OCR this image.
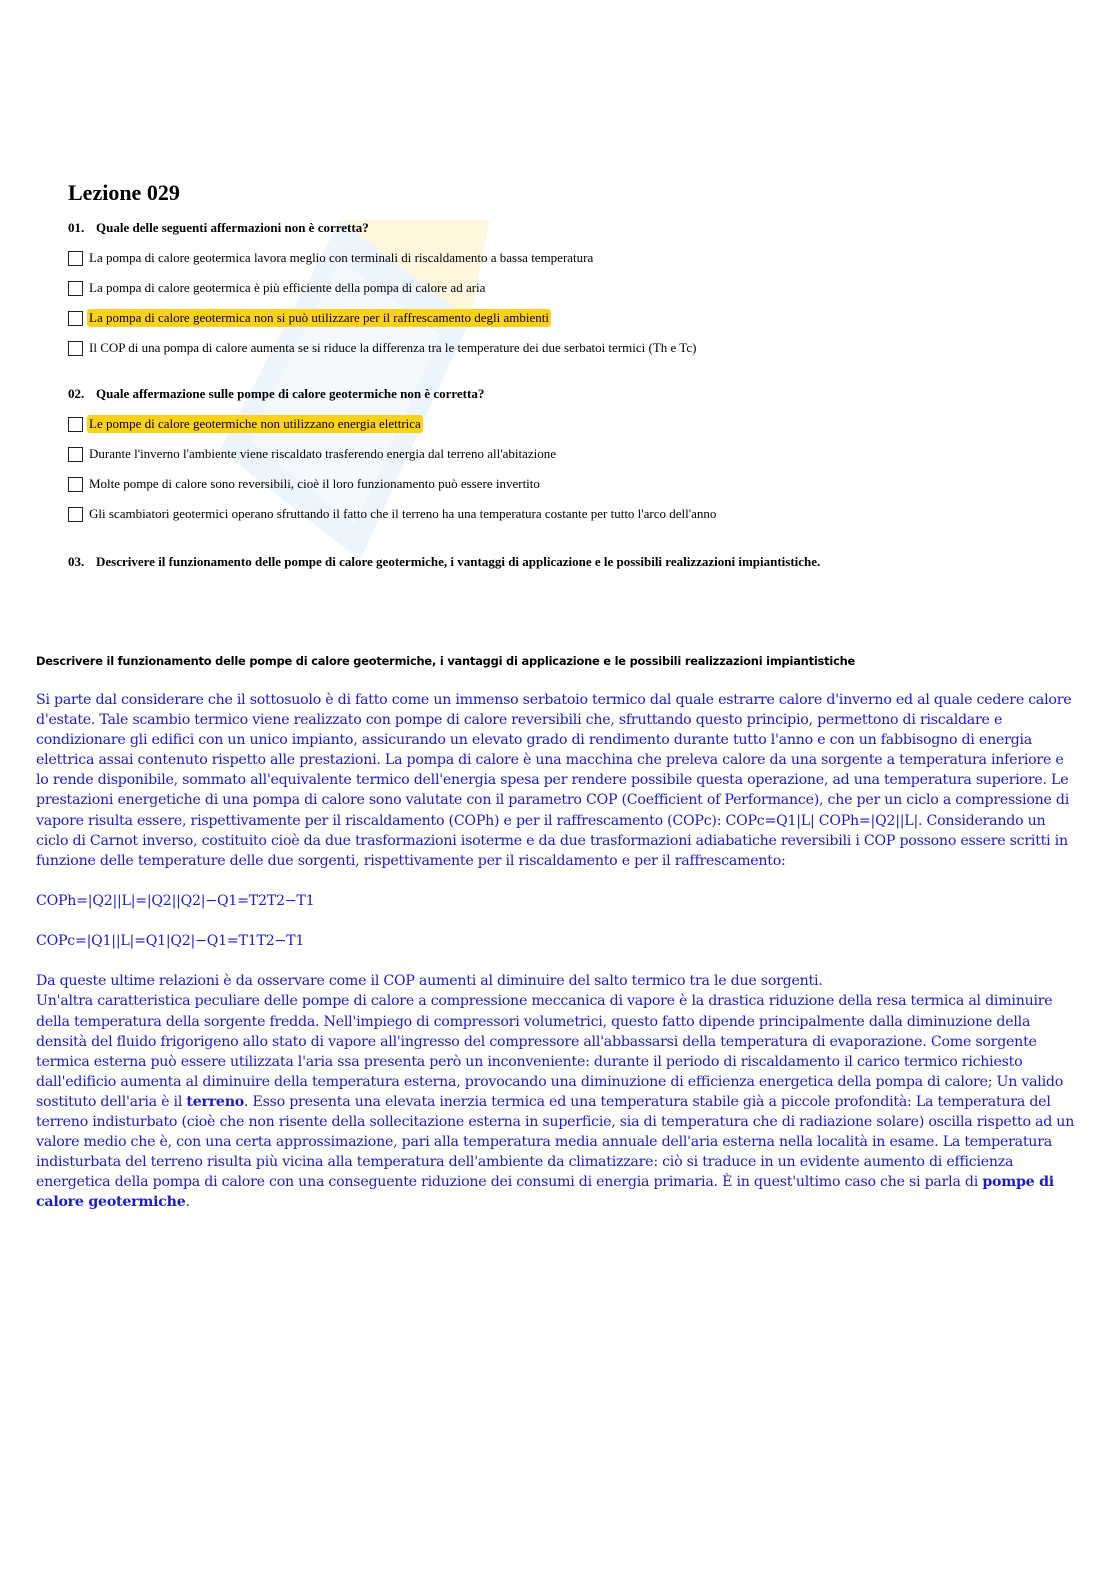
Lezione 029

01. Quale delle seguenti affermazioni non è corretta?

La pompa di calore geotermica lavora meglio con terminali di riscaldamento a bassa temperatura
La pompa di calore geotermica è più efficiente della pompa di calore ad aria
La pompa di calore geotermica non si può utilizzare per il raffrescamento degli ambienti
Il COP di una pompa di calore aumenta se si riduce la differenza tra le temperature dei due serbatoi termici (Th e Tc)

02. Quale affermazione sulle pompe di calore geotermiche non è corretta?

Le pompe di calore geotermiche non utilizzano energia elettrica
Durante l'inverno l'ambiente viene riscaldato trasferendo energia dal terreno all'abitazione
Molte pompe di calore sono reversibili, cioè il loro funzionamento può essere invertito
Gli scambiatori geotermici operano sfruttando il fatto che il terreno ha una temperatura costante per tutto l'arco dell'anno

03. Descrivere il funzionamento delle pompe di calore geotermiche, i vantaggi di applicazione e le possibili realizzazioni impiantistiche.

Descrivere il funzionamento delle pompe di calore geotermiche, i vantaggi di applicazione e le possibili realizzazioni impiantistiche

Si parte dal considerare che il sottosuolo è di fatto come un immenso serbatoio termico dal quale estrarre calore d'inverno ed al quale cedere calore d'estate. Tale scambio termico viene realizzato con pompe di calore reversibili che, sfruttando questo principio, permettono di riscaldare e condizionare gli edifici con un unico impianto, assicurando un elevato grado di rendimento durante tutto l'anno e con un fabbisogno di energia elettrica assai contenuto rispetto alle prestazioni. La pompa di calore è una macchina che preleva calore da una sorgente a temperatura inferiore e lo rende disponibile, sommato all'equivalente termico dell'energia spesa per rendere possibile questa operazione, ad una temperatura superiore. Le prestazioni energetiche di una pompa di calore sono valutate con il parametro COP (Coefficient of Performance), che per un ciclo a compressione di vapore risulta essere, rispettivamente per il riscaldamento (COPh) e per il raffrescamento (COPc): COPc=Q1|L| COPh=|Q2||L|. Considerando un ciclo di Carnot inverso, costituito cioè da due trasformazioni isoterme e da due trasformazioni adiabatiche reversibili i COP possono essere scritti in funzione delle temperature delle due sorgenti, rispettivamente per il riscaldamento e per il raffrescamento:

COPh=|Q2||L|=|Q2||Q2|−Q1=T2T2−T1

COPc=|Q1||L|=Q1|Q2|−Q1=T1T2−T1

Da queste ultime relazioni è da osservare come il COP aumenti al diminuire del salto termico tra le due sorgenti.

Un'altra caratteristica peculiare delle pompe di calore a compressione meccanica di vapore è la drastica riduzione della resa termica al diminuire della temperatura della sorgente fredda. Nell'impiego di compressori volumetrici, questo fatto dipende principalmente dalla diminuzione della densità del fluido frigorigeno allo stato di vapore all'ingresso del compressore all'abbassarsi della temperatura di evaporazione. Come sorgente termica esterna può essere utilizzata l'aria ssa presenta però un inconveniente: durante il periodo di riscaldamento il carico termico richiesto dall'edificio aumenta al diminuire della temperatura esterna, provocando una diminuzione di efficienza energetica della pompa di calore; Un valido sostituto dell'aria è il terreno. Esso presenta una elevata inerzia termica ed una temperatura stabile già a piccole profondità: La temperatura del terreno indisturbato (cioè che non risente della sollecitazione esterna in superficie, sia di temperatura che di radiazione solare) oscilla rispetto ad un valore medio che è, con una certa approssimazione, pari alla temperatura media annuale dell'aria esterna nella località in esame. La temperatura indisturbata del terreno risulta più vicina alla temperatura dell'ambiente da climatizzare: ciò si traduce in un evidente aumento di efficienza energetica della pompa di calore con una conseguente riduzione dei consumi di energia primaria. È in quest'ultimo caso che si parla di pompe di calore geotermiche.
